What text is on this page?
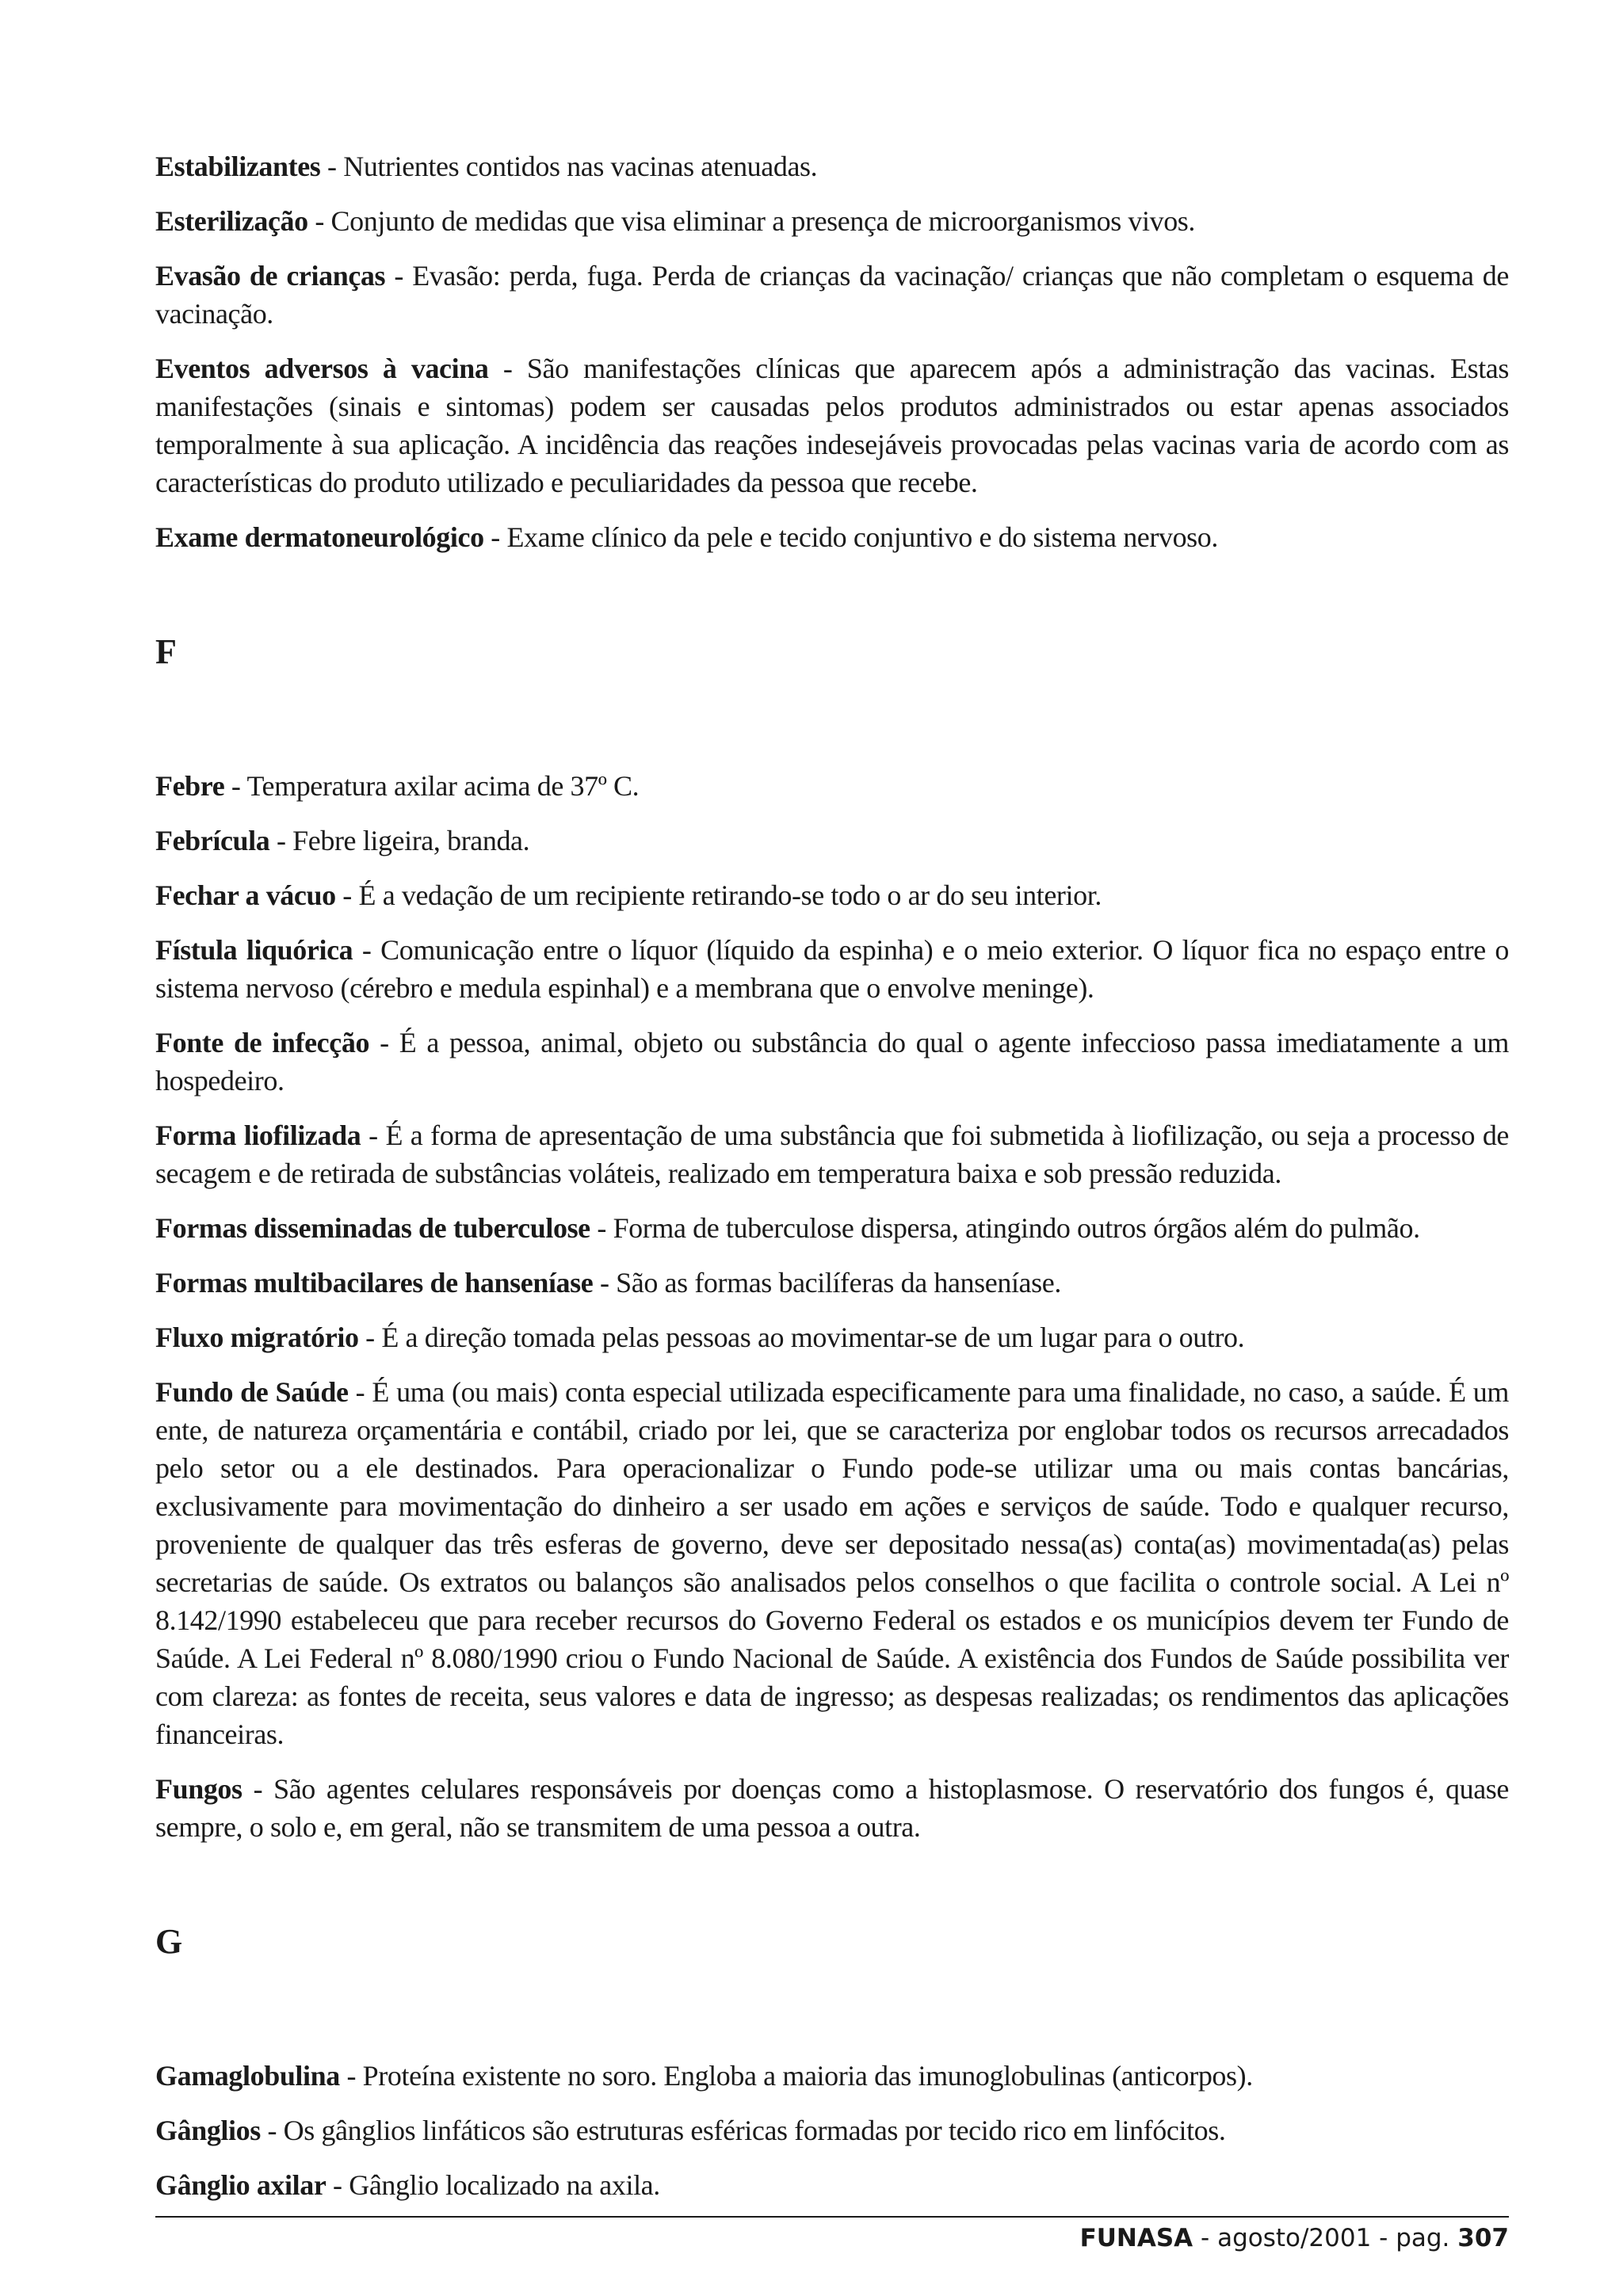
Estabilizantes - Nutrientes contidos nas vacinas atenuadas.

Esterilização - Conjunto de medidas que visa eliminar a presença de microorganismos vivos.

Evasão de crianças - Evasão: perda, fuga. Perda de crianças da vacinação/ crianças que não completam o esquema de vacinação.

Eventos adversos à vacina - São manifestações clínicas que aparecem após a administração das vacinas. Estas manifestações (sinais e sintomas) podem ser causadas pelos produtos administrados ou estar apenas associados temporalmente à sua aplicação. A incidência das reações indesejáveis provocadas pelas vacinas varia de acordo com as características do produto utilizado e peculiaridades da pessoa que recebe.

Exame dermatoneurológico - Exame clínico da pele e tecido conjuntivo e do sistema nervoso.

F

Febre - Temperatura axilar acima de 37º C.

Febrícula - Febre ligeira, branda.

Fechar a vácuo - É a vedação de um recipiente retirando-se todo o ar do seu interior.

Fístula liquórica - Comunicação entre o líquor (líquido da espinha) e o meio exterior. O líquor fica no espaço entre o sistema nervoso (cérebro e medula espinhal) e a membrana que o envolve meninge).

Fonte de infecção - É a pessoa, animal, objeto ou substância do qual o agente infeccioso passa imediatamente a um hospedeiro.

Forma liofilizada - É a forma de apresentação de uma substância que foi submetida à liofilização, ou seja a processo de secagem e de retirada de substâncias voláteis, realizado em temperatura baixa e sob pressão reduzida.

Formas disseminadas de tuberculose - Forma de tuberculose dispersa, atingindo outros órgãos além do pulmão.

Formas multibacilares de hanseníase - São as formas bacilíferas da hanseníase.

Fluxo migratório - É a direção tomada pelas pessoas ao movimentar-se de um lugar para o outro.

Fundo de Saúde - É uma (ou mais) conta especial utilizada especificamente para uma finalidade, no caso, a saúde. É um ente, de natureza orçamentária e contábil, criado por lei, que se caracteriza por englobar todos os recursos arrecadados pelo setor ou a ele destinados. Para operacionalizar o Fundo pode-se utilizar uma ou mais contas bancárias, exclusivamente para movimentação do dinheiro a ser usado em ações e serviços de saúde. Todo e qualquer recurso, proveniente de qualquer das três esferas de governo, deve ser depositado nessa(as) conta(as) movimentada(as) pelas secretarias de saúde. Os extratos ou balanços são analisados pelos conselhos o que facilita o controle social. A Lei nº 8.142/1990 estabeleceu que para receber recursos do Governo Federal os estados e os municípios devem ter Fundo de Saúde. A Lei Federal nº 8.080/1990 criou o Fundo Nacional de Saúde. A existência dos Fundos de Saúde possibilita ver com clareza: as fontes de receita, seus valores e data de ingresso; as despesas realizadas; os rendimentos das aplicações financeiras.

Fungos - São agentes celulares responsáveis por doenças como a histoplasmose. O reservatório dos fungos é, quase sempre, o solo e, em geral, não se transmitem de uma pessoa a outra.

G

Gamaglobulina - Proteína existente no soro. Engloba a maioria das imunoglobulinas (anticorpos).

Gânglios - Os gânglios linfáticos são estruturas esféricas formadas por tecido rico em linfócitos.

Gânglio axilar - Gânglio localizado na axila.

FUNASA - agosto/2001 - pag. 307
